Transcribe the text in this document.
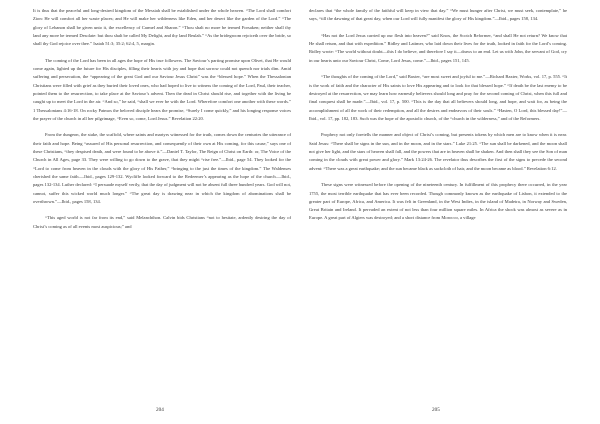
It is thus that the peaceful and long-desired kingdom of the Messiah shall be established under the whole heaven. “The Lord shall comfort Zion: He will comfort all her waste places; and He will make her wilderness like Eden, and her desert like the garden of the Lord.” “The glory of Lebanon shall be given unto it, the excellency of Carmel and Sharon.” “Thou shalt no more be termed Forsaken; neither shall thy land any more be termed Desolate: but thou shalt be called My Delight, and thy land Beulah.” “As the bridegroom rejoiceth over the bride, so shall thy God rejoice over thee.” Isaiah 51:3; 35:2; 62:4, 5, margin.

The coming of the Lord has been in all ages the hope of His true followers. The Saviour’s parting promise upon Olivet, that He would come again, lighted up the future for His disciples, filling their hearts with joy and hope that sorrow could not quench nor trials dim. Amid suffering and persecution, the “appearing of the great God and our Saviour Jesus Christ” was the “blessed hope.” When the Thessalonian Christians were filled with grief as they buried their loved ones, who had hoped to live to witness the coming of the Lord, Paul, their teacher, pointed them to the resurrection, to take place at the Saviour’s advent. Then the dead in Christ should rise, and together with the living be caught up to meet the Lord in the air. “And so,” he said, “shall we ever be with the Lord. Wherefore comfort one another with these words.” 1 Thessalonians 4:16-18. On rocky Patmos the beloved disciple hears the promise, “Surely I come quickly,” and his longing response voices the prayer of the church in all her pilgrimage, “Even so, come, Lord Jesus.” Revelation 22:20.

From the dungeon, the stake, the scaffold, where saints and martyrs witnessed for the truth, comes down the centuries the utterance of their faith and hope. Being “assured of His personal resurrection, and consequently of their own at His coming, for this cause,” says one of these Christians, “they despised death, and were found to be above it.”—Daniel T. Taylor, The Reign of Christ on Earth: or, The Voice of the Church in All Ages, page 33. They were willing to go down to the grave, that they might “rise free.”—Ibid., page 54. They looked for the “Lord to come from heaven in the clouds with the glory of His Father,” “bringing to the just the times of the kingdom.” The Waldenses cherished the same faith.—Ibid., pages 129-132. Wycliffe looked forward to the Redeemer’s appearing as the hope of the church.—Ibid., pages 132-134. Luther declared: “I persuade myself verily, that the day of judgment will not be absent full three hundred years. God will not, cannot, suffer this wicked world much longer.” “The great day is drawing near in which the kingdom of abominations shall be overthrown.”—Ibid., pages 158, 134.

“This aged world is not far from its end,” said Melanchthon. Calvin bids Christians “not to hesitate, ardently desiring the day of Christ’s coming as of all events most auspicious;” and

declares that “the whole family of the faithful will keep in view that day.” “We must hunger after Christ, we must seek, contemplate,” he says, “till the dawning of that great day, when our Lord will fully manifest the glory of His kingdom.”—Ibid., pages 158, 134.

“Has not the Lord Jesus carried up our flesh into heaven?” said Knox, the Scotch Reformer, “and shall He not return? We know that He shall return, and that with expedition.” Ridley and Latimer, who laid down their lives for the truth, looked in faith for the Lord’s coming. Ridley wrote: “The world without doubt—this I do believe, and therefore I say it—draws to an end. Let us with John, the servant of God, cry in our hearts unto our Saviour Christ, Come, Lord Jesus, come.”—Ibid., pages 151, 145.

“The thoughts of the coming of the Lord,” said Baxter, “are most sweet and joyful to me.”—Richard Baxter, Works, vol. 17, p. 555. “It is the work of faith and the character of His saints to love His appearing and to look for that blessed hope.” “If death be the last enemy to be destroyed at the resurrection, we may learn how earnestly believers should long and pray for the second coming of Christ, when this full and final conquest shall be made.”—Ibid., vol. 17, p. 500. “This is the day that all believers should long, and hope, and wait for, as being the accomplishment of all the work of their redemption, and all the desires and endeavors of their souls.” “Hasten, O Lord, this blessed day!”—Ibid., vol. 17, pp. 182, 183. Such was the hope of the apostolic church, of the “church in the wilderness,” and of the Reformers.

Prophecy not only foretells the manner and object of Christ’s coming, but presents tokens by which men are to know when it is near. Said Jesus: “There shall be signs in the sun, and in the moon, and in the stars.” Luke 21:25. “The sun shall be darkened, and the moon shall not give her light, and the stars of heaven shall fall, and the powers that are in heaven shall be shaken. And then shall they see the Son of man coming in the clouds with great power and glory.” Mark 13:24-26. The revelator thus describes the first of the signs to precede the second advent: “There was a great earthquake; and the sun became black as sackcloth of hair, and the moon became as blood.” Revelation 6:12.

These signs were witnessed before the opening of the nineteenth century. In fulfillment of this prophecy there occurred, in the year 1755, the most terrible earthquake that has ever been recorded. Though commonly known as the earthquake of Lisbon, it extended to the greater part of Europe, Africa, and America. It was felt in Greenland, in the West Indies, in the island of Madeira, in Norway and Sweden, Great Britain and Ireland. It pervaded an extent of not less than four million square miles. In Africa the shock was almost as severe as in Europe. A great part of Algiers was destroyed; and a short distance from Morocco, a village

204	205
